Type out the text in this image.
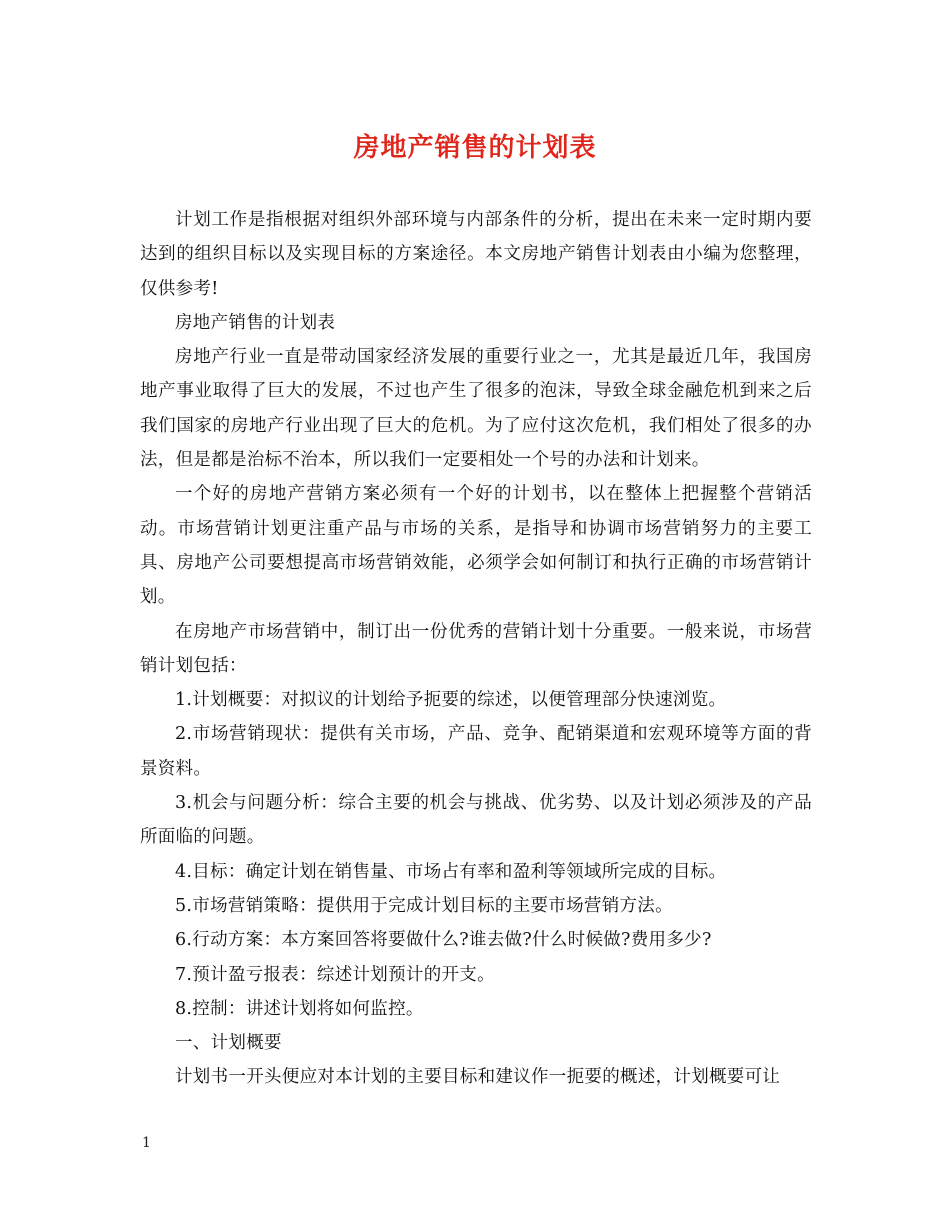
房地产销售的计划表

计划工作是指根据对组织外部环境与内部条件的分析，提出在未来一定时期内要达到的组织目标以及实现目标的方案途径。本文房地产销售计划表由小编为您整理，仅供参考!

房地产销售的计划表

房地产行业一直是带动国家经济发展的重要行业之一，尤其是最近几年，我国房地产事业取得了巨大的发展，不过也产生了很多的泡沫，导致全球金融危机到来之后我们国家的房地产行业出现了巨大的危机。为了应付这次危机，我们相处了很多的办法，但是都是治标不治本，所以我们一定要相处一个号的办法和计划来。

一个好的房地产营销方案必须有一个好的计划书，以在整体上把握整个营销活动。市场营销计划更注重产品与市场的关系，是指导和协调市场营销努力的主要工具、房地产公司要想提高市场营销效能，必须学会如何制订和执行正确的市场营销计划。

在房地产市场营销中，制订出一份优秀的营销计划十分重要。一般来说，市场营销计划包括：

1.计划概要：对拟议的计划给予扼要的综述，以便管理部分快速浏览。

2.市场营销现状：提供有关市场，产品、竞争、配销渠道和宏观环境等方面的背景资料。

3.机会与问题分析：综合主要的机会与挑战、优劣势、以及计划必须涉及的产品所面临的问题。

4.目标：确定计划在销售量、市场占有率和盈利等领域所完成的目标。

5.市场营销策略：提供用于完成计划目标的主要市场营销方法。

6.行动方案：本方案回答将要做什么?谁去做?什么时候做?费用多少?

7.预计盈亏报表：综述计划预计的开支。

8.控制：讲述计划将如何监控。

一、计划概要

计划书一开头便应对本计划的主要目标和建议作一扼要的概述，计划概要可让

1
